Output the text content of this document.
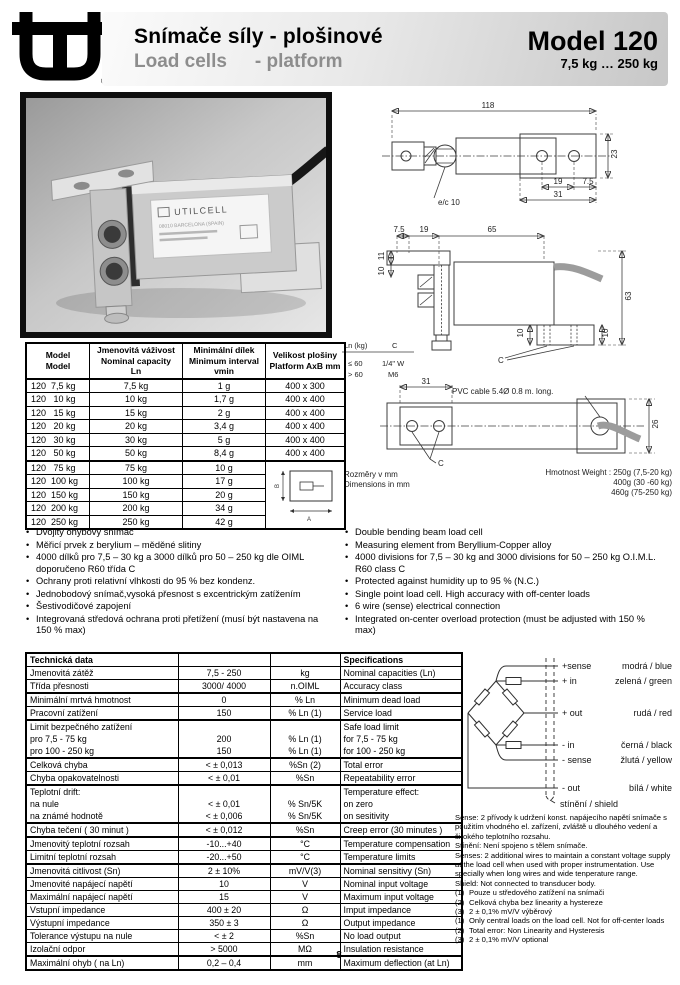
Snímače síly - plošinové
Load cells - platform
Model 120
7,5 kg … 250 kg
UTILCELL
08010 BARCELONA (SPAIN)
118
23
19 7.5
31
e/c 10
7.5 19	65
63
11
10
10	10
C
Ln (kg)	C
≤ 60	1/4" W
> 60	M6
31
26
PVC cable 5.4Ø 0.8 m. long.
C
Rozměry v mm
Dimensions in mm
Hmotnost Weight : 250g (7,5-20 kg)
400g (30 -60 kg)
460g (75-250 kg)
Model
Model

Jmenovitá váživost
Nominal capacity
Ln

Minimální dílek
Minimum interval
vmin

Velikost plošiny
Platform AxB mm

120  7,5 kg	7,5 kg	1 g	400 x 300
120   10 kg	10 kg	1,7 g	400 x 400
120   15 kg	15 kg	2 g	400 x 400
120   20 kg	20 kg	3,4 g	400 x 400
120   30 kg	30 kg	5 g	400 x 400
120   50 kg	50 kg	8,4 g	400 x 400
120   75 kg	75 kg	10 g	B
A

120  100 kg	100 kg	17 g	
120  150 kg	150 kg	20 g	
120  200 kg	200 kg	34 g	
120  250 kg	250 kg	42 g	
• Dvojitý ohybový snímač
• Měřicí prvek z berylium – měděné slitiny
• 4000 dílků pro 7,5 – 30 kg a 3000 dílků pro 50 – 250 kg dle OIML doporučeno R60 třída C
• Ochrany proti relativní vlhkosti do 95 % bez kondenz.
• Jednobodový snímač,vysoká přesnost s excentrickým zatížením
• Šestivodičové zapojení
• Integrovaná středová ochrana proti přetížení (musí být nastavena na 150 % max)
• Double bending beam load cell
• Measuring element from Beryllium-Copper alloy
• 4000 divisions for 7,5 – 30 kg and 3000 divisions for 50 – 250 kg O.I.M.L. R60 class C
• Protected against humidity up to 95 % (N.C.)
• Single point load cell. High accuracy with off-center loads
• 6 wire (sense) electrical connection
• Integrated on-center overload protection (must be adjusted with 150 % max)
Technická data			Specifications
Jmenovitá zátěž	7,5 - 250	kg	Nominal capacities (Ln)
Třída přesnosti	3000/ 4000	n.OIML	Accuracy class
Minimální mrtvá hmotnost	0	% Ln	Minimum dead load
Pracovní zatížení	150	% Ln (1)	Service load
Limit bezpečného zatížení			Safe load limit
pro 7,5 - 75 kg	200	% Ln (1)	for 7,5 - 75 kg
pro 100 - 250 kg	150	% Ln (1)	for 100 - 250 kg
Celková chyba	< ± 0,013	%Sn (2)	Total error
Chyba opakovatelnosti	< ± 0,01	%Sn	Repeatability error
Teplotní drift:			Temperature effect:
na nule	< ± 0,01	% Sn/5K	on zero
na známé hodnotě	< ± 0,006	% Sn/5K	on sesitivity
Chyba tečení ( 30 minut )	< ± 0,012	%Sn	Creep error (30 minutes )
Jmenovitý teplotní rozsah	-10...+40	°C	Temperature compensation
Limitní teplotní rozsah	-20...+50	°C	Temperature limits
Jmenovitá citlivost (Sn)	2 ± 10%	mV/V(3)	Nominal sensitivy (Sn)
Jmenovité napájecí napětí	10	V	Nominal input voltage
Maximální napájecí napětí	15	V	Maximum input voltage
Vstupní impedance	400 ± 20	Ω	Imput impedance
Výstupní impedance	350 ± 3	Ω	Output impedance
Tolerance výstupu na nule	< ± 2	%Sn	No load output
Izolační odpor	> 5000	MΩ	Insulation resistance
Maximální ohyb ( na Ln)	0,2 – 0,4	mm	Maximum deflection (at Ln)
+sense	modrá / blue
+ in	zelená / green
+ out	rudá / red
- in	černá / black
- sense	žlutá / yellow
- out	bílá / white
stínění / shield

Sense: 2 přívody k udržení konst. napájecího napětí snímače s použitím vhodného el. zařízení, zvláště u dlouhého vedení a širokého teplotního rozsahu.

Stínění: Není spojeno s tělem snímače.

Senses: 2 additional wires to maintain a constant voltage supply at the load cell when used with proper instrumentation. Use specially when long wires and wide tenperature range.

Shield: Not connected to transducer body.

(1) Pouze u středového zatížení na snímači
(2) Celková chyba bez linearity a hystereze
(3) 2 ± 0,1% mV/V výběrový
(1) Only central loads on the load cell. Not for off-center loads
(2) Total error: Non Linearity and Hysteresis
(3) 2 ± 0,1% mV/V optional
– 8 –
